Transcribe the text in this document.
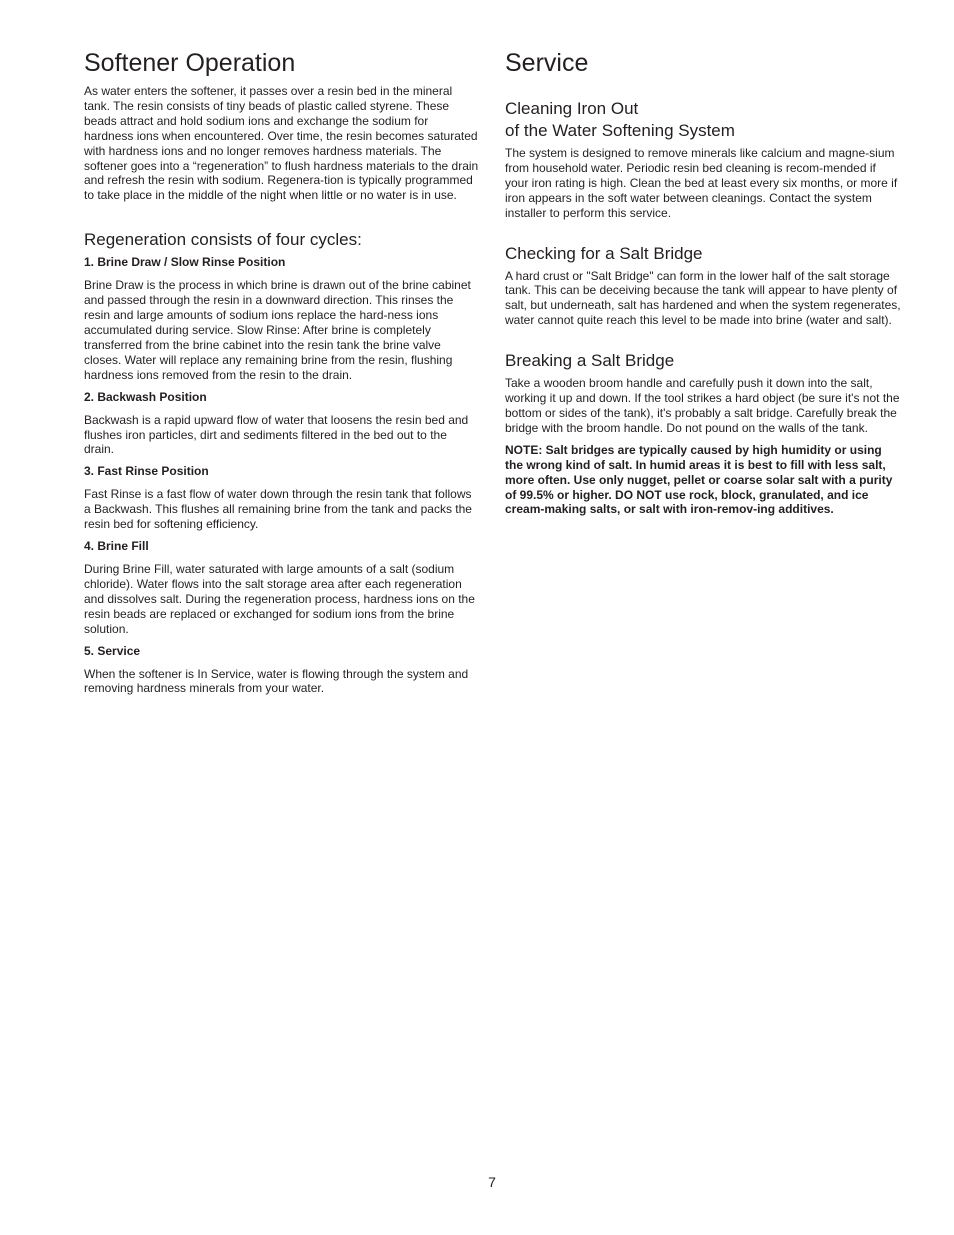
Softener Operation

As water enters the softener, it passes over a resin bed in the mineral tank. The resin consists of tiny beads of plastic called styrene. These beads attract and hold sodium ions and exchange the sodium for hardness ions when encountered. Over time, the resin becomes saturated with hardness ions and no longer removes hardness materials. The softener goes into a “regeneration” to flush hardness materials to the drain and refresh the resin with sodium. Regenera-tion is typically programmed to take place in the middle of the night when little or no water is in use.

Regeneration consists of four cycles:
1. Brine Draw / Slow Rinse Position

Brine Draw is the process in which brine is drawn out of the brine cabinet and passed through the resin in a downward direction. This rinses the resin and large amounts of sodium ions replace the hard-ness ions accumulated during service. Slow Rinse: After brine is completely transferred from the brine cabinet into the resin tank the brine valve closes. Water will replace any remaining brine from the resin, flushing hardness ions removed from the resin to the drain.

2. Backwash Position

Backwash is a rapid upward flow of water that loosens the resin bed and flushes iron particles, dirt and sediments filtered in the bed out to the drain.

3. Fast Rinse Position

Fast Rinse is a fast flow of water down through the resin tank that follows a Backwash. This flushes all remaining brine from the tank and packs the resin bed for softening efficiency.

4. Brine Fill

During Brine Fill, water saturated with large amounts of a salt (sodium chloride). Water flows into the salt storage area after each regeneration and dissolves salt. During the regeneration process, hardness ions on the resin beads are replaced or exchanged for sodium ions from the brine solution.

5. Service

When the softener is In Service, water is flowing through the system and removing hardness minerals from your water.

Service
Cleaning Iron Out
of the Water Softening System

The system is designed to remove minerals like calcium and magne-sium from household water. Periodic resin bed cleaning is recom-mended if your iron rating is high. Clean the bed at least every six months, or more if iron appears in the soft water between cleanings. Contact the system installer to perform this service.

Checking for a Salt Bridge

A hard crust or "Salt Bridge" can form in the lower half of the salt storage tank. This can be deceiving because the tank will appear to have plenty of salt, but underneath, salt has hardened and when the system regenerates, water cannot quite reach this level to be made into brine (water and salt).

Breaking a Salt Bridge

Take a wooden broom handle and carefully push it down into the salt, working it up and down. If the tool strikes a hard object (be sure it's not the bottom or sides of the tank), it's probably a salt bridge. Carefully break the bridge with the broom handle. Do not pound on the walls of the tank.

NOTE: Salt bridges are typically caused by high humidity or using the wrong kind of salt. In humid areas it is best to fill with less salt, more often. Use only nugget, pellet or coarse solar salt with a purity of 99.5% or higher. DO NOT use rock, block, granulated, and ice cream-making salts, or salt with iron-remov-ing additives.

7
